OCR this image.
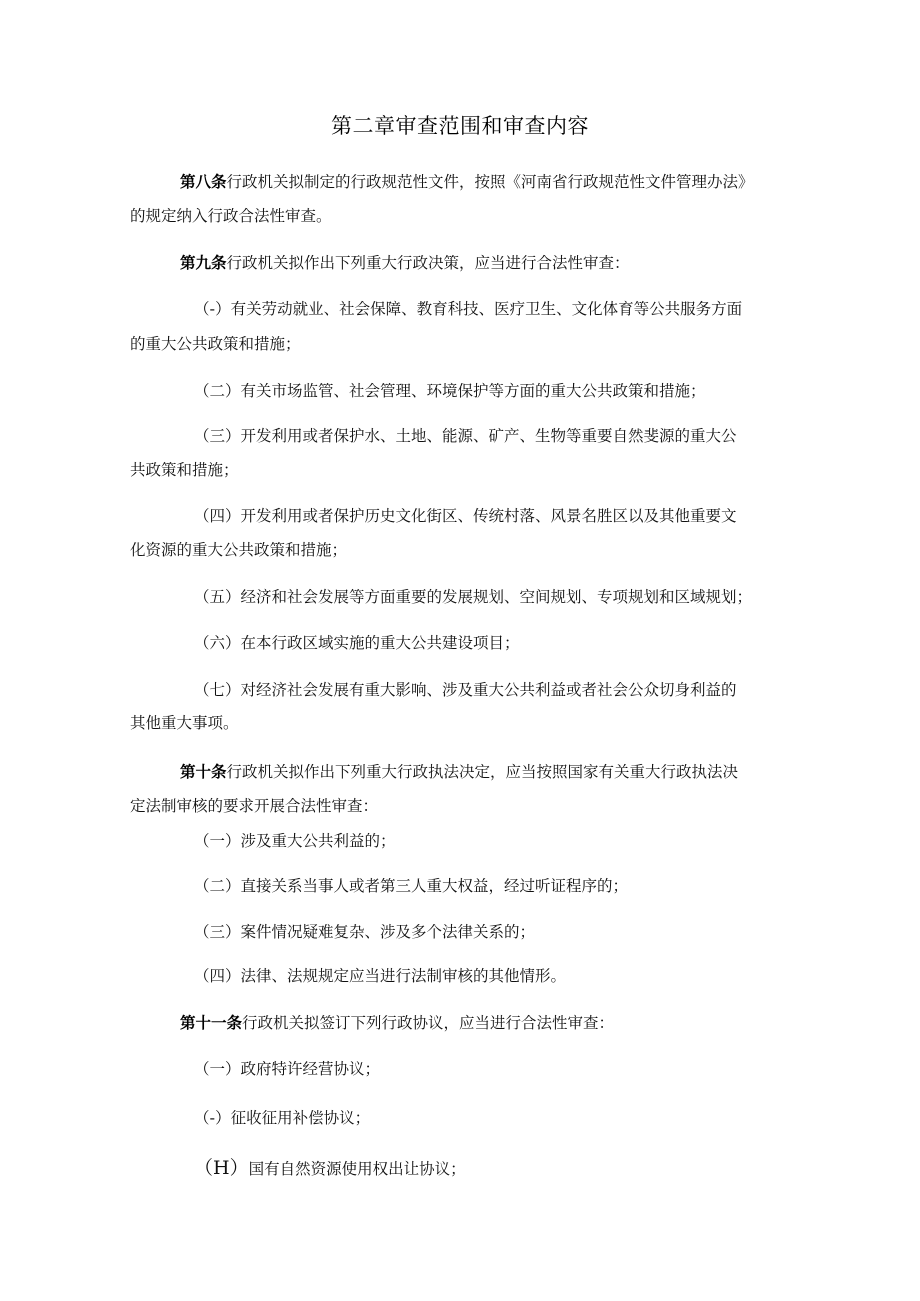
第二章审查范围和审查内容
第八条行政机关拟制定的行政规范性文件，按照《河南省行政规范性文件管理办法》
的规定纳入行政合法性审查。
第九条行政机关拟作出下列重大行政决策，应当进行合法性审查：
（-）有关劳动就业、社会保障、教育科技、医疗卫生、文化体育等公共服务方面
的重大公共政策和措施；
（二）有关市场监管、社会管理、环境保护等方面的重大公共政策和措施；
（三）开发利用或者保护水、土地、能源、矿产、生物等重要自然斐源的重大公
共政策和措施；
（四）开发利用或者保护历史文化街区、传统村落、风景名胜区以及其他重要文
化资源的重大公共政策和措施；
（五）经济和社会发展等方面重要的发展规划、空间规划、专项规划和区域规划；
（六）在本行政区域实施的重大公共建设项目；
（七）对经济社会发展有重大影响、涉及重大公共利益或者社会公众切身利益的
其他重大事项。
第十条行政机关拟作出下列重大行政执法决定，应当按照国家有关重大行政执法决
定法制审核的要求开展合法性审查：
（一）涉及重大公共利益的；
（二）直接关系当事人或者第三人重大权益，经过听证程序的；
（三）案件情况疑难复杂、涉及多个法律关系的；
（四）法律、法规规定应当进行法制审核的其他情形。
第十一条行政机关拟签订下列行政协议，应当进行合法性审查：
（一）政府特许经营协议；
（-）征收征用补偿协议；
（H）国有自然资源使用权出让协议；
